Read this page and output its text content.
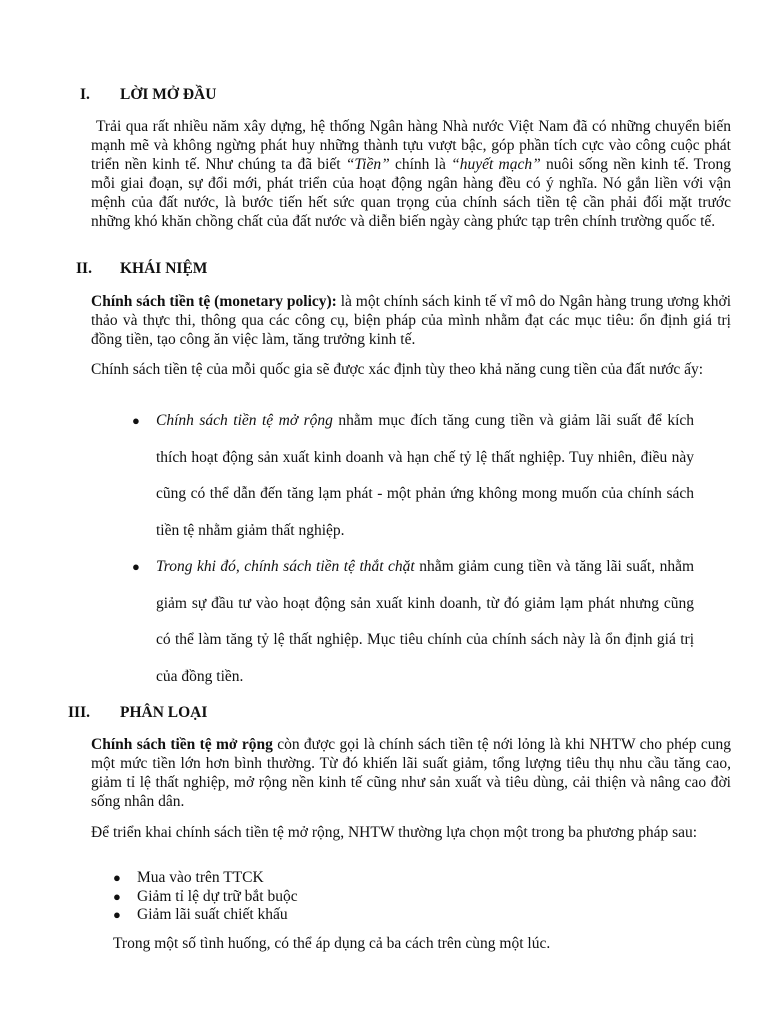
I. LỜI MỞ ĐẦU
Trải qua rất nhiều năm xây dựng, hệ thống Ngân hàng Nhà nước Việt Nam đã có những chuyển biến mạnh mẽ và không ngừng phát huy những thành tựu vượt bậc, góp phần tích cực vào công cuộc phát triển nền kinh tế. Như chúng ta đã biết “Tiền” chính là “huyết mạch” nuôi sống nền kinh tế. Trong mỗi giai đoạn, sự đổi mới, phát triển của hoạt động ngân hàng đều có ý nghĩa. Nó gắn liền với vận mệnh của đất nước, là bước tiến hết sức quan trọng của chính sách tiền tệ cần phải đối mặt trước những khó khăn chồng chất của đất nước và diễn biến ngày càng phức tạp trên chính trường quốc tế.
II. KHÁI NIỆM
Chính sách tiền tệ (monetary policy): là một chính sách kinh tế vĩ mô do Ngân hàng trung ương khởi thảo và thực thi, thông qua các công cụ, biện pháp của mình nhằm đạt các mục tiêu: ổn định giá trị đồng tiền, tạo công ăn việc làm, tăng trưởng kinh tế.
Chính sách tiền tệ của mỗi quốc gia sẽ được xác định tùy theo khả năng cung tiền của đất nước ấy:
● Chính sách tiền tệ mở rộng nhằm mục đích tăng cung tiền và giảm lãi suất để kích thích hoạt động sản xuất kinh doanh và hạn chế tỷ lệ thất nghiệp. Tuy nhiên, điều này cũng có thể dẫn đến tăng lạm phát - một phản ứng không mong muốn của chính sách tiền tệ nhằm giảm thất nghiệp.
● Trong khi đó, chính sách tiền tệ thắt chặt nhằm giảm cung tiền và tăng lãi suất, nhằm giảm sự đầu tư vào hoạt động sản xuất kinh doanh, từ đó giảm lạm phát nhưng cũng có thể làm tăng tỷ lệ thất nghiệp. Mục tiêu chính của chính sách này là ổn định giá trị của đồng tiền.
III. PHÂN LOẠI
Chính sách tiền tệ mở rộng còn được gọi là chính sách tiền tệ nới lỏng là khi NHTW cho phép cung một mức tiền lớn hơn bình thường. Từ đó khiến lãi suất giảm, tổng lượng tiêu thụ nhu cầu tăng cao, giảm tỉ lệ thất nghiệp, mở rộng nền kinh tế cũng như sản xuất và tiêu dùng, cải thiện và nâng cao đời sống nhân dân.
Để triển khai chính sách tiền tệ mở rộng, NHTW thường lựa chọn một trong ba phương pháp sau:
● Mua vào trên TTCK
● Giảm tỉ lệ dự trữ bắt buộc
● Giảm lãi suất chiết khấu
Trong một số tình huống, có thể áp dụng cả ba cách trên cùng một lúc.
